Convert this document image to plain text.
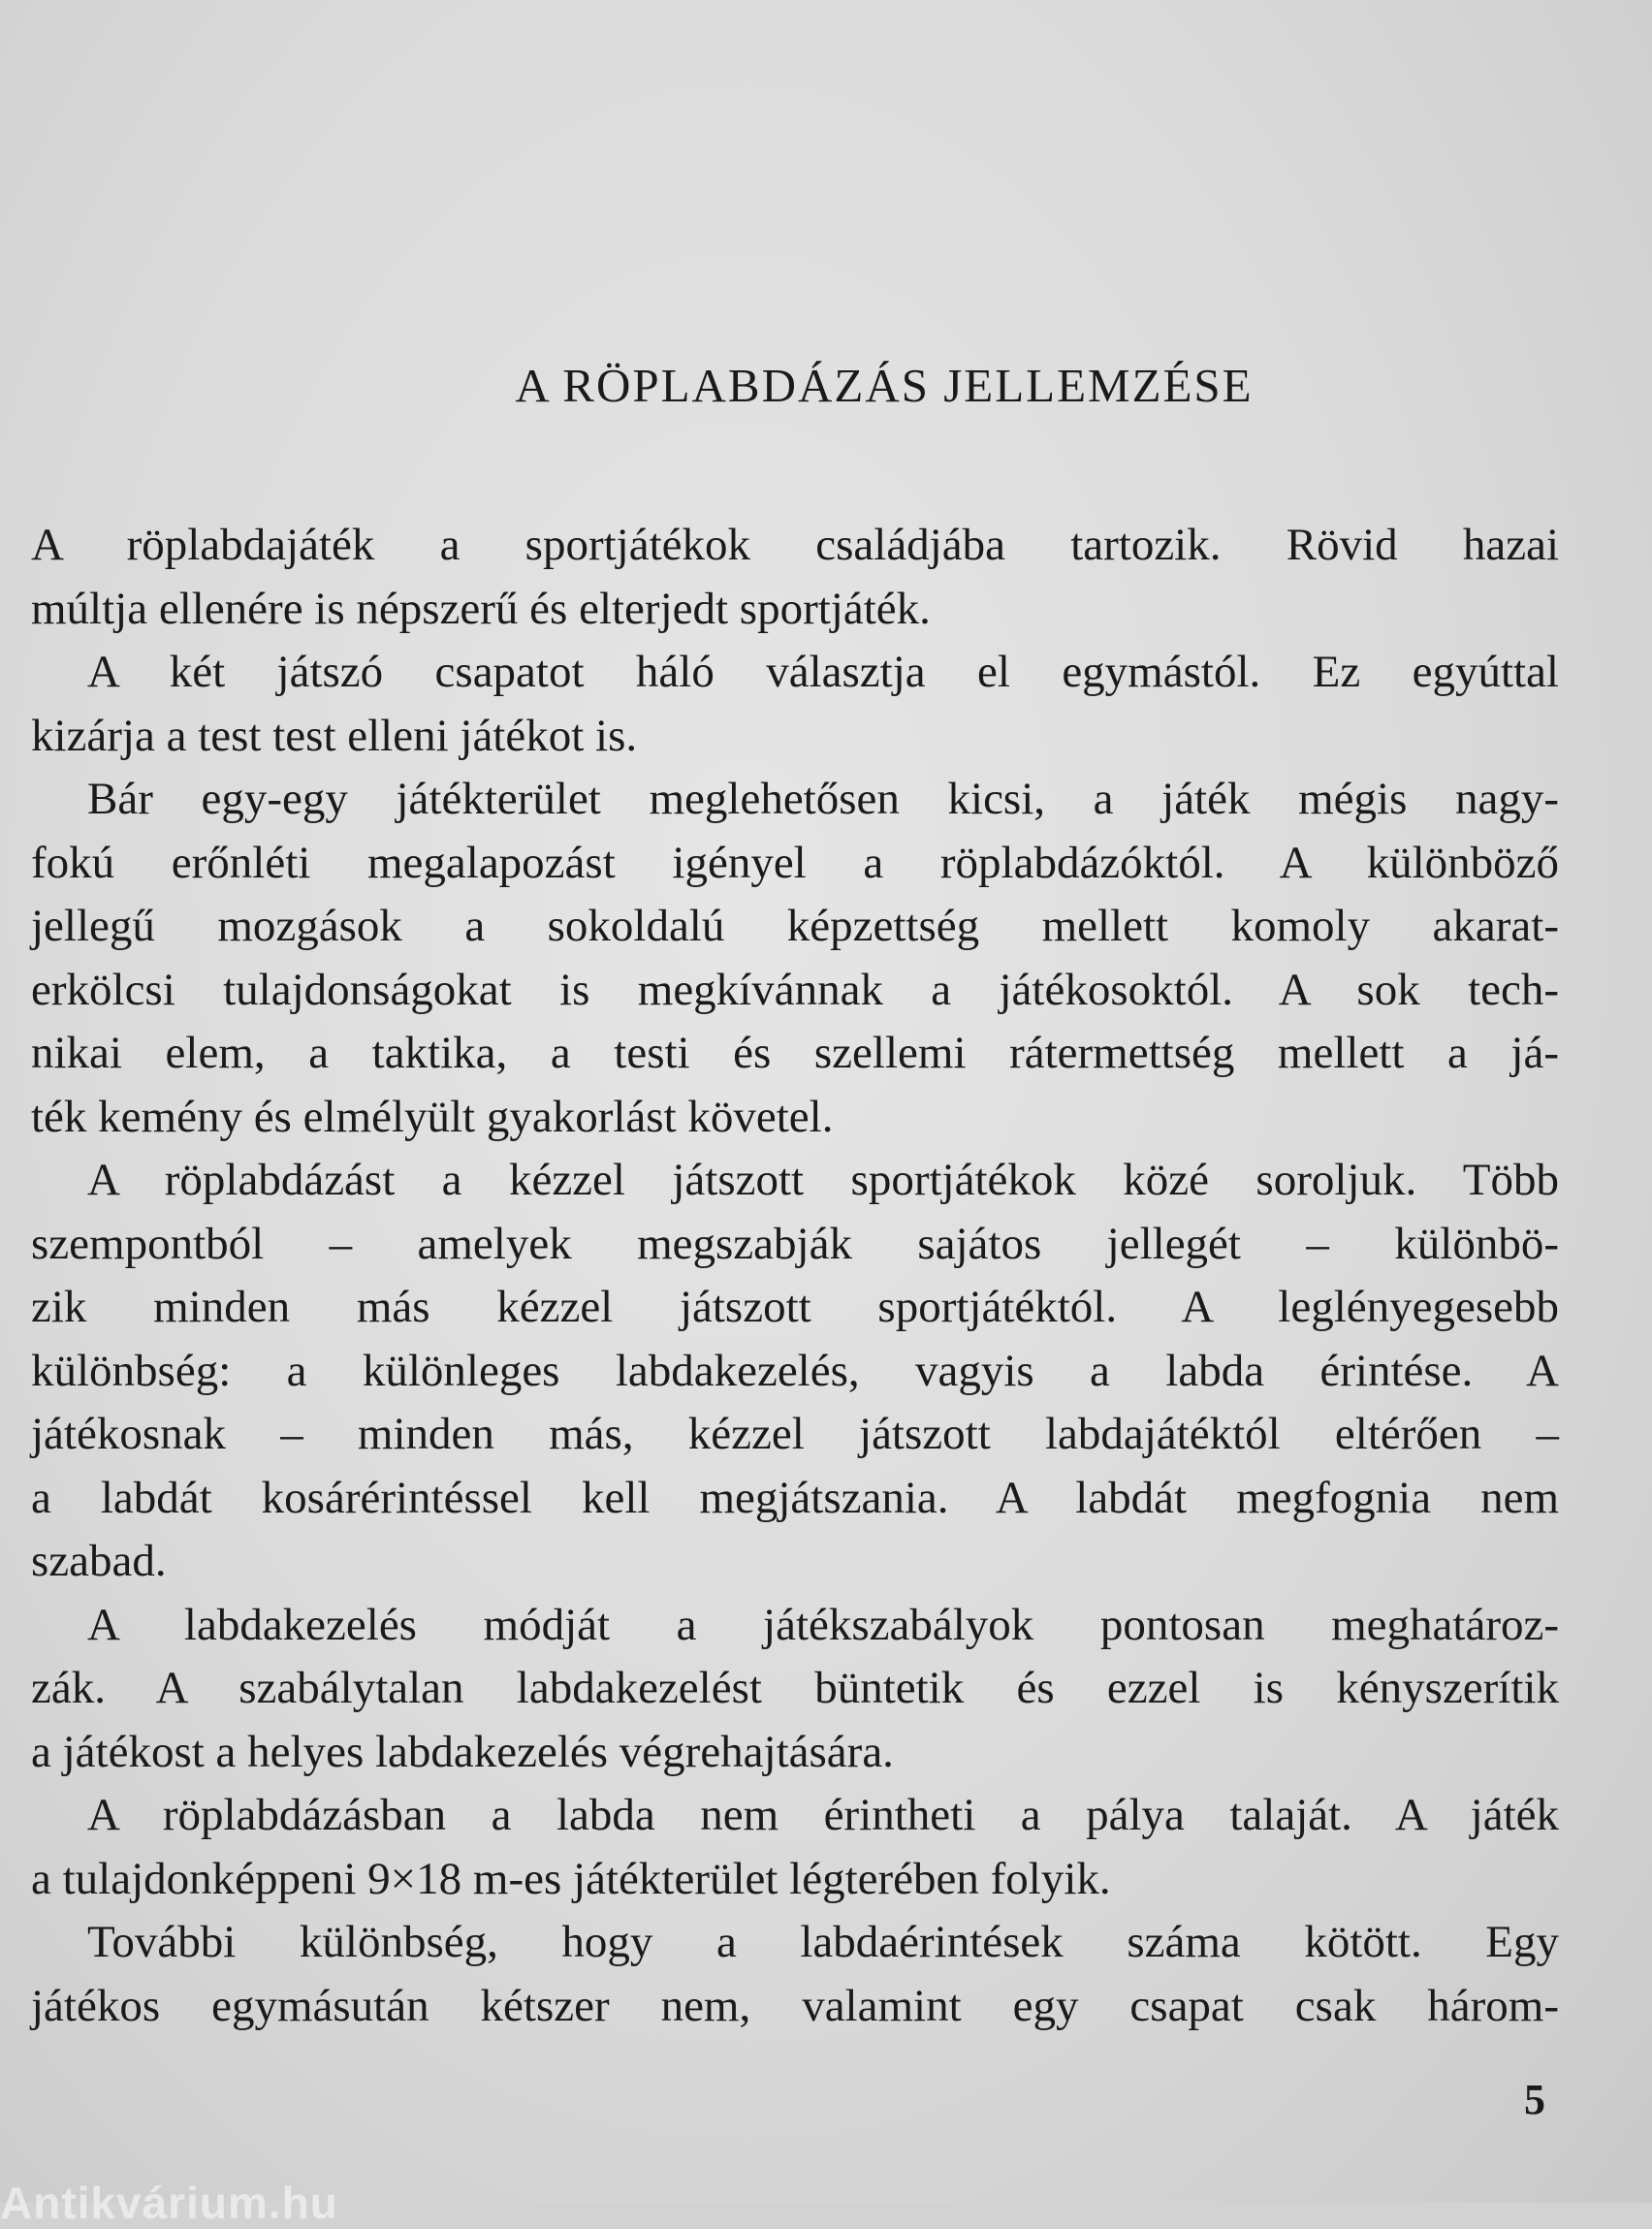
A RÖPLABDÁZÁS JELLEMZÉSE
A röplabdajáték a sportjátékok családjába tartozik. Rövid hazai
múltja ellenére is népszerű és elterjedt sportjáték.
A két játszó csapatot háló választja el egymástól. Ez egyúttal
kizárja a test test elleni játékot is.
Bár egy-egy játékterület meglehetősen kicsi, a játék mégis nagy-
fokú erőnléti megalapozást igényel a röplabdázóktól. A különböző
jellegű mozgások a sokoldalú képzettség mellett komoly akarat-
erkölcsi tulajdonságokat is megkívánnak a játékosoktól. A sok tech-
nikai elem, a taktika, a testi és szellemi rátermettség mellett a já-
ték kemény és elmélyült gyakorlást követel.
A röplabdázást a kézzel játszott sportjátékok közé soroljuk. Több
szempontból – amelyek megszabják sajátos jellegét – különbö-
zik minden más kézzel játszott sportjátéktól. A leglényegesebb
különbség: a különleges labdakezelés, vagyis a labda érintése. A
játékosnak – minden más, kézzel játszott labdajátéktól eltérően –
a labdát kosárérintéssel kell megjátszania. A labdát megfognia nem
szabad.
A labdakezelés módját a játékszabályok pontosan meghatároz-
zák. A szabálytalan labdakezelést büntetik és ezzel is kényszerítik
a játékost a helyes labdakezelés végrehajtására.
A röplabdázásban a labda nem érintheti a pálya talaját. A játék
a tulajdonképpeni 9×18 m-es játékterület légterében folyik.
További különbség, hogy a labdaérintések száma kötött. Egy
játékos egymásután kétszer nem, valamint egy csapat csak három-
5
Antikvárium.hu
